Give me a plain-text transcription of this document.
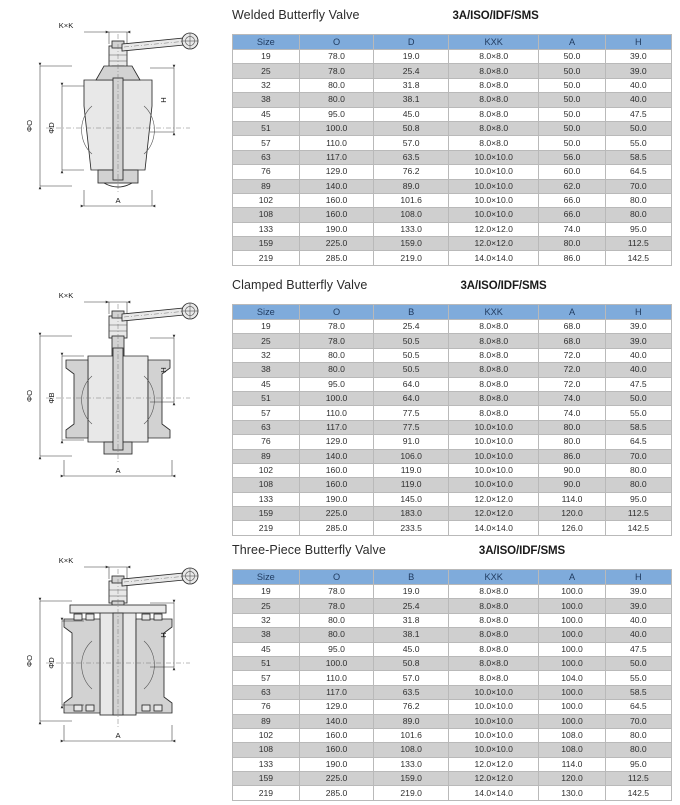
K×K
ΦO ΦD
H
A
Welded Butterfly Valve	3A/ISO/IDF/SMS
Size	O	D	KXK	A	H
19	78.0	19.0	8.0×8.0	50.0	39.0
25	78.0	25.4	8.0×8.0	50.0	39.0
32	80.0	31.8	8.0×8.0	50.0	40.0
38	80.0	38.1	8.0×8.0	50.0	40.0
45	95.0	45.0	8.0×8.0	50.0	47.5
51	100.0	50.8	8.0×8.0	50.0	50.0
57	110.0	57.0	8.0×8.0	50.0	55.0
63	117.0	63.5	10.0×10.0	56.0	58.5
76	129.0	76.2	10.0×10.0	60.0	64.5
89	140.0	89.0	10.0×10.0	62.0	70.0
102	160.0	101.6	10.0×10.0	66.0	80.0
108	160.0	108.0	10.0×10.0	66.0	80.0
133	190.0	133.0	12.0×12.0	74.0	95.0
159	225.0	159.0	12.0×12.0	80.0	112.5
219	285.0	219.0	14.0×14.0	86.0	142.5
K×K
ΦO ΦB
H
A
Clamped Butterfly Valve	3A/ISO/IDF/SMS
Size	O	B	KXK	A	H
19	78.0	25.4	8.0×8.0	68.0	39.0
25	78.0	50.5	8.0×8.0	68.0	39.0
32	80.0	50.5	8.0×8.0	72.0	40.0
38	80.0	50.5	8.0×8.0	72.0	40.0
45	95.0	64.0	8.0×8.0	72.0	47.5
51	100.0	64.0	8.0×8.0	74.0	50.0
57	110.0	77.5	8.0×8.0	74.0	55.0
63	117.0	77.5	10.0×10.0	80.0	58.5
76	129.0	91.0	10.0×10.0	80.0	64.5
89	140.0	106.0	10.0×10.0	86.0	70.0
102	160.0	119.0	10.0×10.0	90.0	80.0
108	160.0	119.0	10.0×10.0	90.0	80.0
133	190.0	145.0	12.0×12.0	114.0	95.0
159	225.0	183.0	12.0×12.0	120.0	112.5
219	285.0	233.5	14.0×14.0	126.0	142.5
K×K
ΦO ΦD
H
A
Three-Piece Butterfly Valve	3A/ISO/IDF/SMS
Size	O	B	KXK	A	H
19	78.0	19.0	8.0×8.0	100.0	39.0
25	78.0	25.4	8.0×8.0	100.0	39.0
32	80.0	31.8	8.0×8.0	100.0	40.0
38	80.0	38.1	8.0×8.0	100.0	40.0
45	95.0	45.0	8.0×8.0	100.0	47.5
51	100.0	50.8	8.0×8.0	100.0	50.0
57	110.0	57.0	8.0×8.0	104.0	55.0
63	117.0	63.5	10.0×10.0	100.0	58.5
76	129.0	76.2	10.0×10.0	100.0	64.5
89	140.0	89.0	10.0×10.0	100.0	70.0
102	160.0	101.6	10.0×10.0	108.0	80.0
108	160.0	108.0	10.0×10.0	108.0	80.0
133	190.0	133.0	12.0×12.0	114.0	95.0
159	225.0	159.0	12.0×12.0	120.0	112.5
219	285.0	219.0	14.0×14.0	130.0	142.5
